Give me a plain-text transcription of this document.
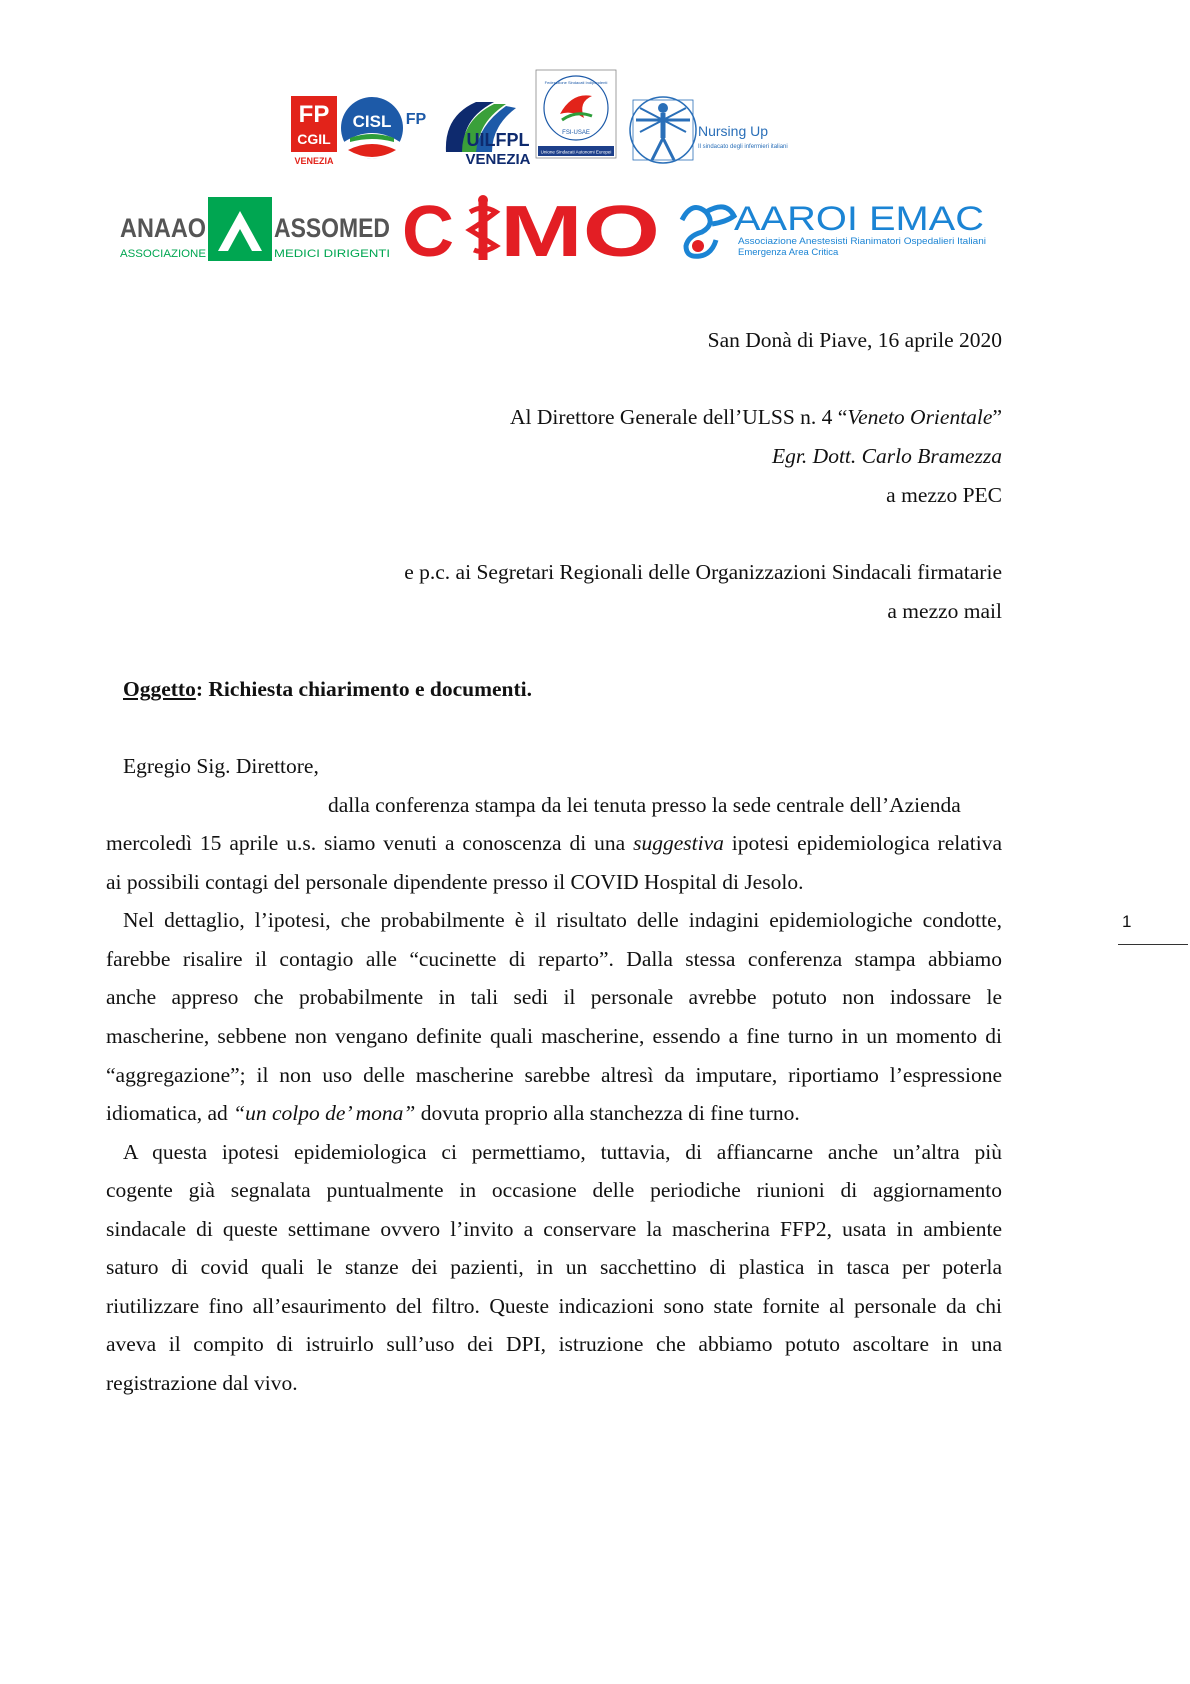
FP
CGIL
VENEZIA
CISL FP
UILFPL
VENEZIA
Federazione Sindacati Indipendenti
FSI-USAE
Unione Sindacati Autonomi Europei
Nursing Up
Il sindacato degli infermieri italiani
ANAAO
ASSOCIAZIONE
ASSOMED
MEDICI DIRIGENTI C MO AAROI EMAC
Associazione Anestesisti Rianimatori Ospedalieri Italiani
Emergenza Area Critica
San Donà di Piave, 16 aprile 2020
Al Direttore Generale dell’ULSS n. 4 “Veneto Orientale”
Egr. Dott. Carlo Bramezza
a mezzo PEC
e p.c. ai Segretari Regionali delle Organizzazioni Sindacali firmatarie
a mezzo mail
Oggetto: Richiesta chiarimento e documenti.
Egregio Sig. Direttore,
dalla conferenza stampa da lei tenuta presso la sede centrale dell’Azienda
mercoledì 15 aprile u.s. siamo venuti a conoscenza di una suggestiva ipotesi epidemiologica relativa
ai possibili contagi del personale dipendente presso il COVID Hospital di Jesolo.
Nel dettaglio, l’ipotesi, che probabilmente è il risultato delle indagini epidemiologiche condotte,
farebbe risalire il contagio alle “cucinette di reparto”. Dalla stessa conferenza stampa abbiamo
anche appreso che probabilmente in tali sedi il personale avrebbe potuto non indossare le
mascherine, sebbene non vengano definite quali mascherine, essendo a fine turno in un momento di
“aggregazione”; il non uso delle mascherine sarebbe altresì da imputare, riportiamo l’espressione
idiomatica, ad “un colpo de’ mona” dovuta proprio alla stanchezza di fine turno.
A questa ipotesi epidemiologica ci permettiamo, tuttavia, di affiancarne anche un’altra più
cogente già segnalata puntualmente in occasione delle periodiche riunioni di aggiornamento
sindacale di queste settimane ovvero l’invito a conservare la mascherina FFP2, usata in ambiente
saturo di covid quali le stanze dei pazienti, in un sacchettino di plastica in tasca per poterla
riutilizzare fino all’esaurimento del filtro. Queste indicazioni sono state fornite al personale da chi
aveva il compito di istruirlo sull’uso dei DPI, istruzione che abbiamo potuto ascoltare in una
registrazione dal vivo.
1
